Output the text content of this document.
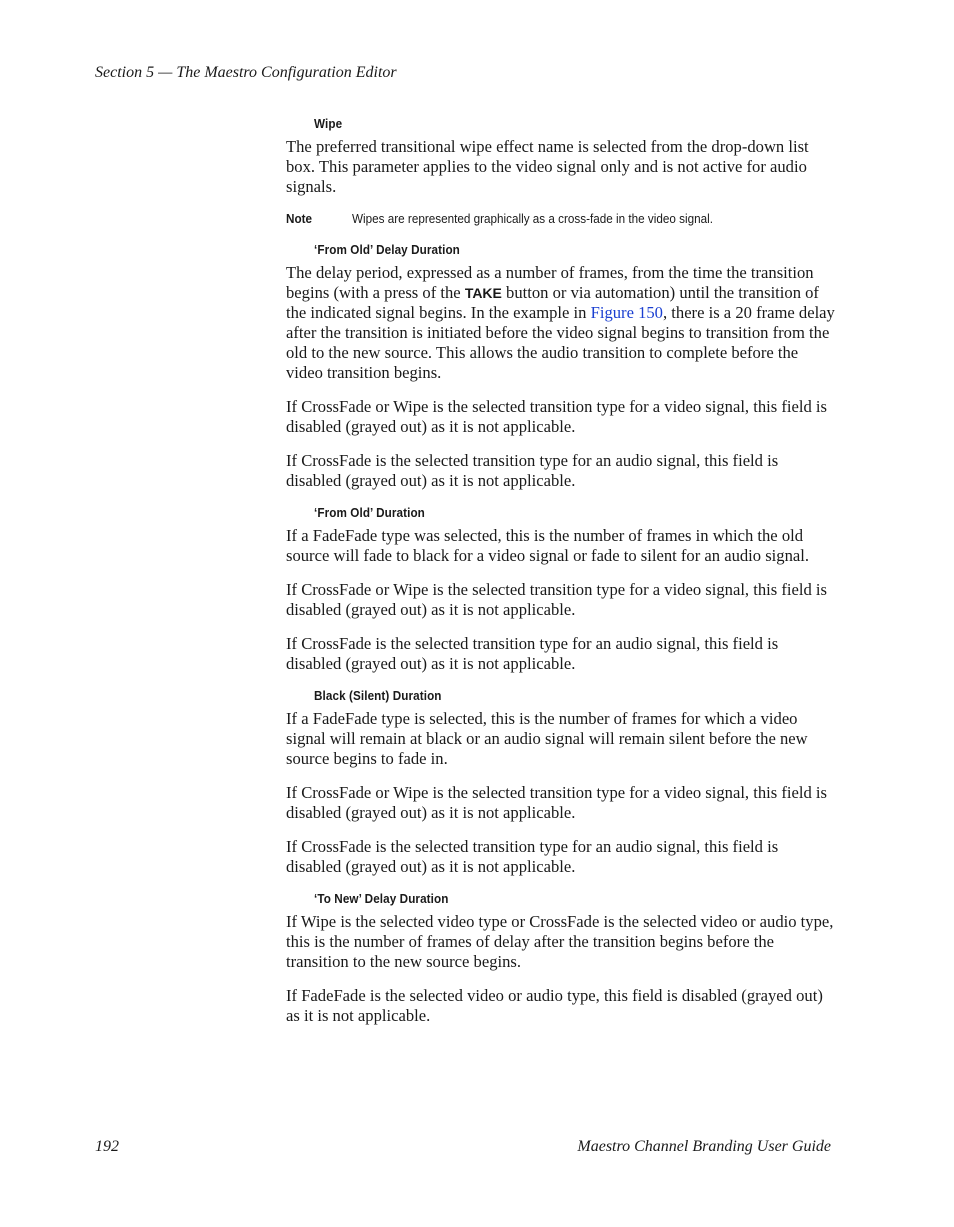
Section 5 — The Maestro Configuration Editor
Wipe

The preferred transitional wipe effect name is selected from the drop-down list box. This parameter applies to the video signal only and is not active for audio signals.

Note	Wipes are represented graphically as a cross-fade in the video signal.
‘From Old’ Delay Duration

The delay period, expressed as a number of frames, from the time the transition begins (with a press of the TAKE button or via automation) until the transition of the indicated signal begins. In the example in Figure 150, there is a 20 frame delay after the transition is initiated before the video signal begins to transition from the old to the new source. This allows the audio transition to complete before the video transition begins.

If CrossFade or Wipe is the selected transition type for a video signal, this field is disabled (grayed out) as it is not applicable.

If CrossFade is the selected transition type for an audio signal, this field is disabled (grayed out) as it is not applicable.

‘From Old’ Duration

If a FadeFade type was selected, this is the number of frames in which the old source will fade to black for a video signal or fade to silent for an audio signal.

If CrossFade or Wipe is the selected transition type for a video signal, this field is disabled (grayed out) as it is not applicable.

If CrossFade is the selected transition type for an audio signal, this field is disabled (grayed out) as it is not applicable.

Black (Silent) Duration

If a FadeFade type is selected, this is the number of frames for which a video signal will remain at black or an audio signal will remain silent before the new source begins to fade in.

If CrossFade or Wipe is the selected transition type for a video signal, this field is disabled (grayed out) as it is not applicable.

If CrossFade is the selected transition type for an audio signal, this field is disabled (grayed out) as it is not applicable.

‘To New’ Delay Duration

If Wipe is the selected video type or CrossFade is the selected video or audio type, this is the number of frames of delay after the transition begins before the transition to the new source begins.

If FadeFade is the selected video or audio type, this field is disabled (grayed out) as it is not applicable.

192	Maestro Channel Branding User Guide
